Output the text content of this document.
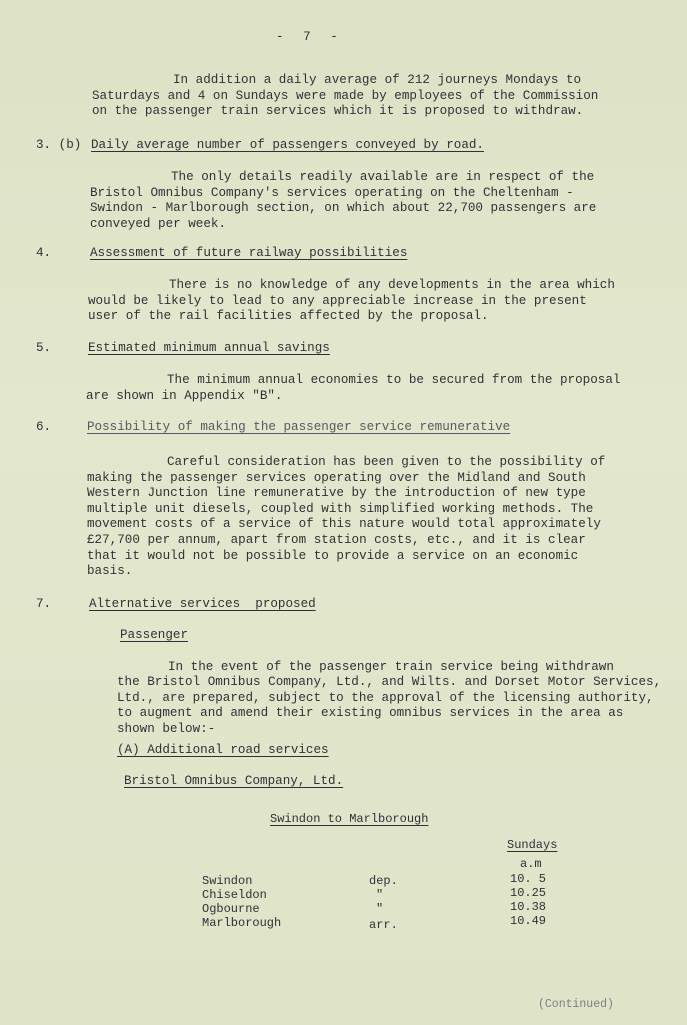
- 7 -
In addition a daily average of 212 journeys Mondays to
Saturdays and 4 on Sundays were made by employees of the Commission
on the passenger train services which it is proposed to withdraw.
3. (b) Daily average number of passengers conveyed by road.
The only details readily available are in respect of the
Bristol Omnibus Company's services operating on the Cheltenham -
Swindon - Marlborough section, on which about 22,700 passengers are
conveyed per week.
4.	Assessment of future railway possibilities
There is no knowledge of any developments in the area which
would be likely to lead to any appreciable increase in the present
user of the rail facilities affected by the proposal.
5.	Estimated minimum annual savings
The minimum annual economies to be secured from the proposal
are shown in Appendix "B".
6.	Possibility of making the passenger service remunerative
Careful consideration has been given to the possibility of
making the passenger services operating over the Midland and South
Western Junction line remunerative by the introduction of new type
multiple unit diesels, coupled with simplified working methods. The
movement costs of a service of this nature would total approximately
£27,700 per annum, apart from station costs, etc., and it is clear
that it would not be possible to provide a service on an economic
basis.
7.	Alternative services  proposed
Passenger
In the event of the passenger train service being withdrawn
the Bristol Omnibus Company, Ltd., and Wilts. and Dorset Motor Services,
Ltd., are prepared, subject to the approval of the licensing authority,
to augment and amend their existing omnibus services in the area as
shown below:-
(A) Additional road services
Bristol Omnibus Company, Ltd.
Swindon to Marlborough
Sundays
a.m
Swindon	dep.	10. 5
Chiseldon	"	10.25
Ogbourne	"	10.38
Marlborough	arr.	10.49
(Continued)
